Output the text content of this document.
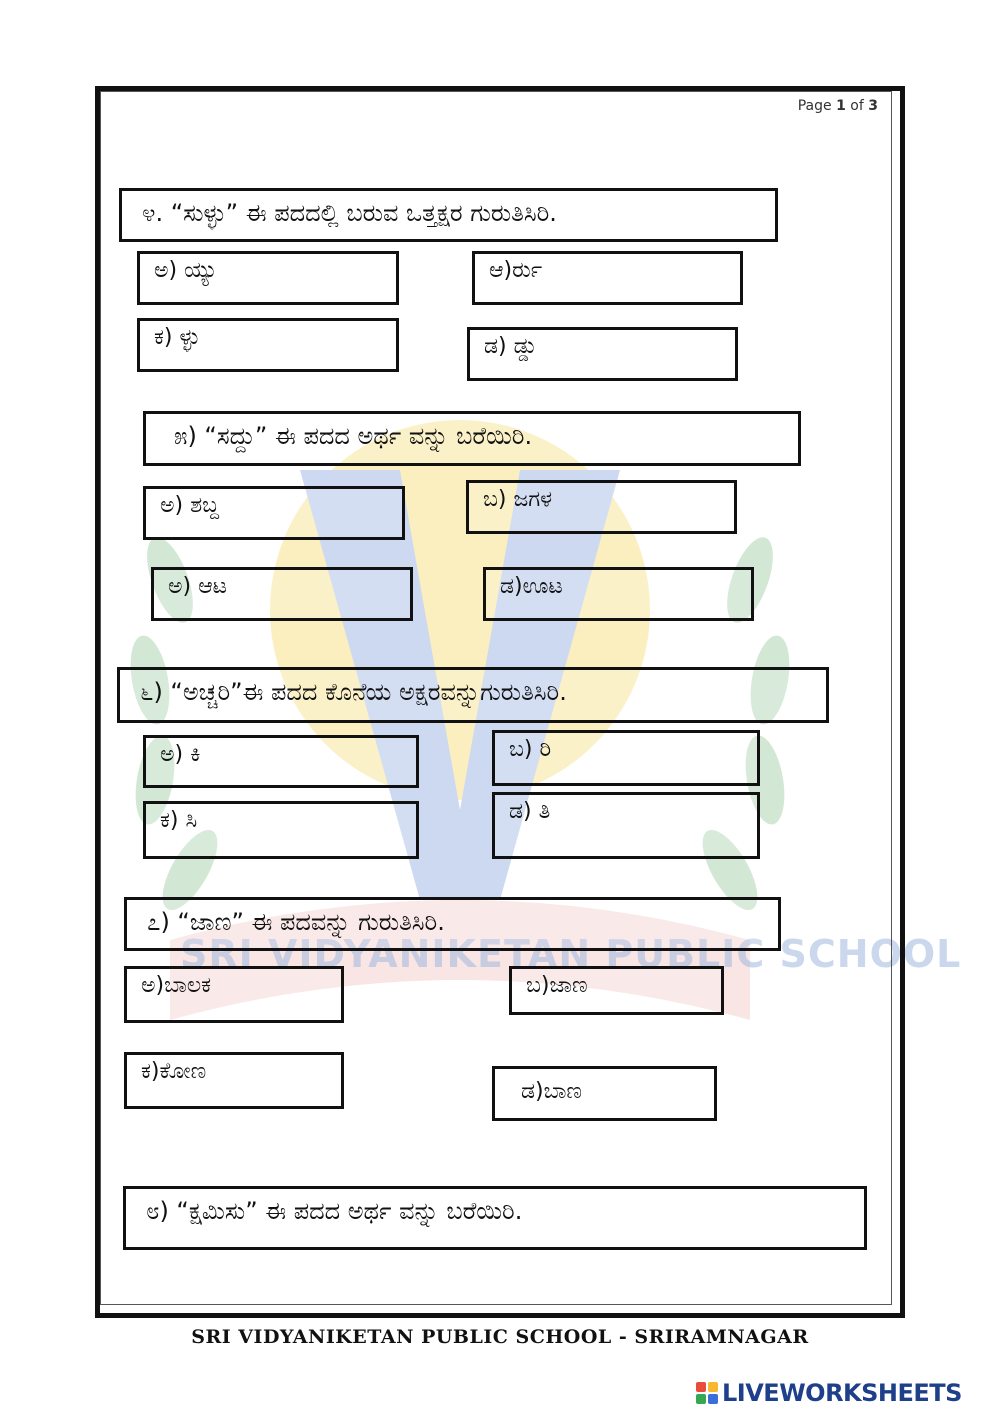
SRI VIDYANIKETAN PUBLIC SCHOOL
Page 1 of 3
೪. “ಸುಳ್ಳು” ಈ ಪದದಲ್ಲಿ ಬರುವ ಒತ್ತಕ್ಷರ ಗುರುತಿಸಿರಿ.
ಅ) ಯ್ಯು	ಆ)ರ್ರು
ಕ) ಳ್ಳು	ಡ) ಡ್ಡು
೫) “ಸದ್ದು” ಈ ಪದದ ಅರ್ಥ ವನ್ನು ಬರೆಯಿರಿ.
ಅ) ಶಬ್ದ	ಬ) ಜಗಳ
ಅ) ಆಟ	ಡ)ಊಟ
೬) “ಅಚ್ಚರಿ”ಈ ಪದದ ಕೊನೆಯ ಅಕ್ಷರವನ್ನುಗುರುತಿಸಿರಿ.
ಅ) ಕಿ	ಬ) ರಿ
ಕ) ಸಿ	ಡ) ತಿ
೭) “ಜಾಣ” ಈ ಪದವನ್ನು ಗುರುತಿಸಿರಿ.
ಅ)ಬಾಲಕ	ಬ)ಜಾಣ
ಕ)ಕೋಣ
ಡ)ಬಾಣ
೮) “ಕ್ಷಮಿಸು” ಈ ಪದದ ಅರ್ಥ ವನ್ನು ಬರೆಯಿರಿ.
SRI VIDYANIKETAN PUBLIC SCHOOL - SRIRAMNAGAR
LIVEWORKSHEETS
